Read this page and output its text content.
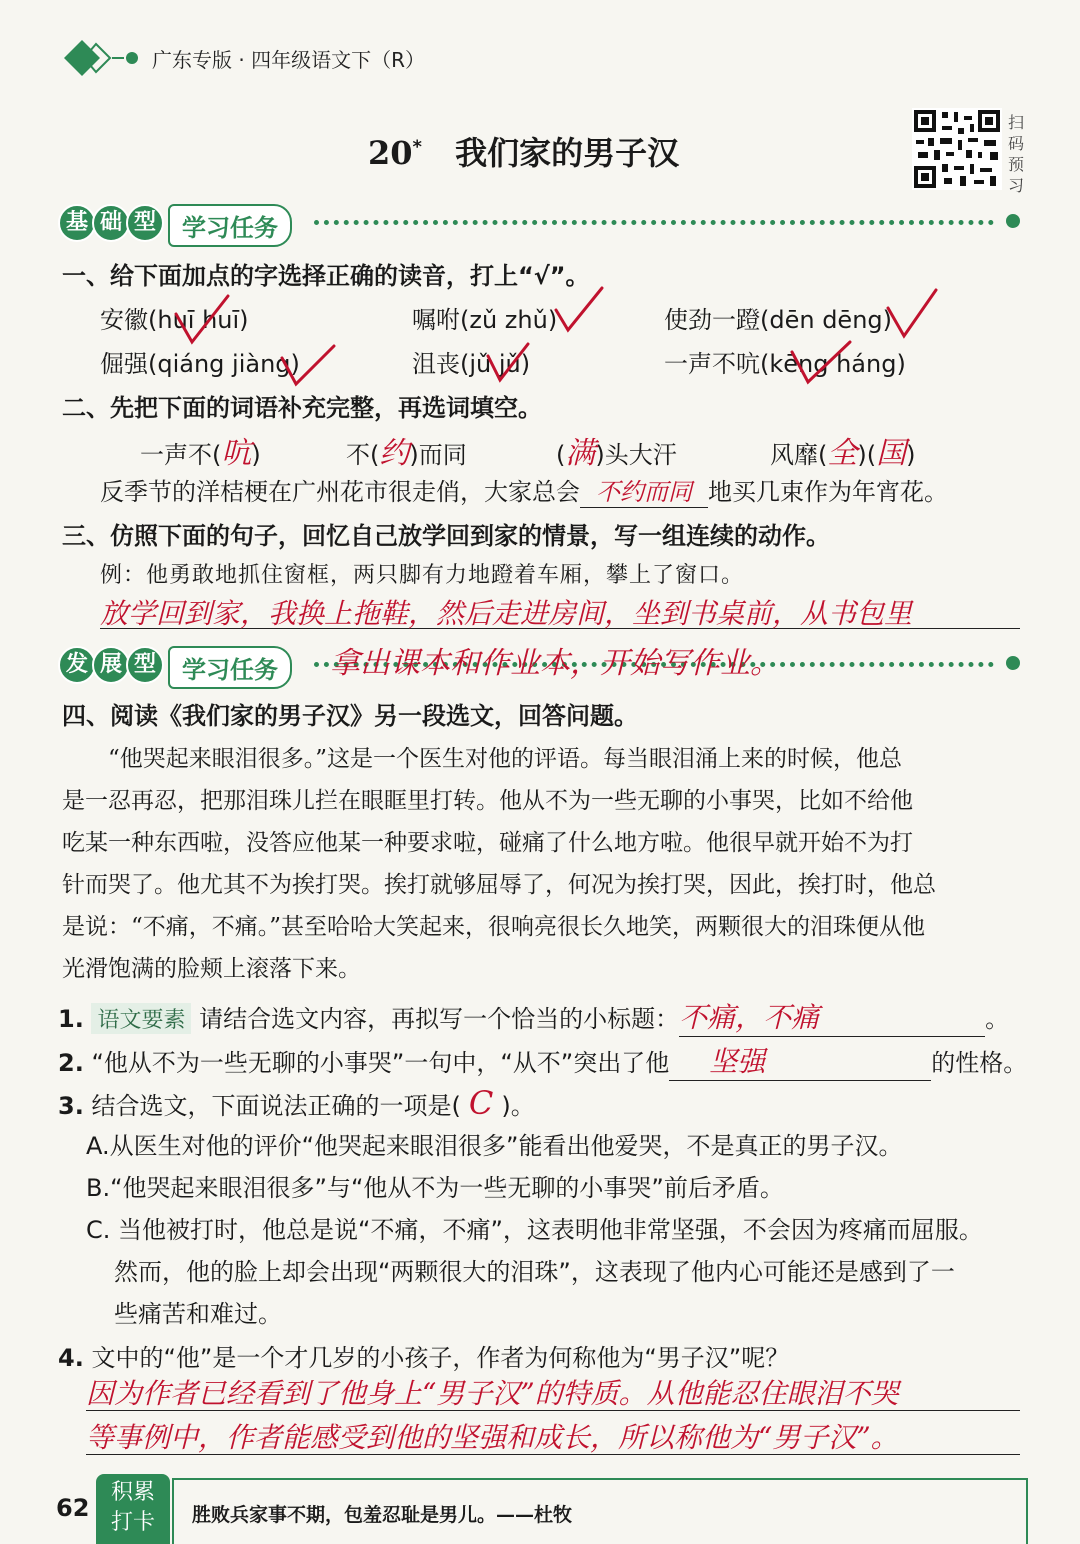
广东专版 · 四年级语文下（R）
20* 我们家的男子汉
扫
码
预
习
基 础 型	学习任务
一、给下面加点的字选择正确的读音，打上“√”。
安徽(huī huī)	嘱咐(zǔ zhǔ)	使劲一蹬(dēn dēng)
倔强(qiáng jiàng)	沮丧(jǔ jǔ)	一声不吭(kēng háng)
二、先把下面的词语补充完整，再选词填空。
一声不(吭)	不(约)而同	(满)头大汗	风靡(全)(国)
反季节的洋桔梗在广州花市很走俏，大家总会 不约而同 地买几束作为年宵花。
三、仿照下面的句子，回忆自己放学回到家的情景，写一组连续的动作。
例：他勇敢地抓住窗框，两只脚有力地蹬着车厢，攀上了窗口。
放学回到家，我换上拖鞋，然后走进房间，坐到书桌前，从书包里
发 展 型	学习任务	拿出课本和作业本，开始写作业。
四、阅读《我们家的男子汉》另一段选文，回答问题。
“他哭起来眼泪很多。”这是一个医生对他的评语。每当眼泪涌上来的时候，他总
是一忍再忍，把那泪珠儿拦在眼眶里打转。他从不为一些无聊的小事哭，比如不给他
吃某一种东西啦，没答应他某一种要求啦，碰痛了什么地方啦。他很早就开始不为打
针而哭了。他尤其不为挨打哭。挨打就够屈辱了，何况为挨打哭，因此，挨打时，他总
是说：“不痛，不痛。”甚至哈哈大笑起来，很响亮很长久地笑，两颗很大的泪珠便从他
光滑饱满的脸颊上滚落下来。
1. 语文要素 请结合选文内容，再拟写一个恰当的小标题：不痛，不痛	。
2. “他从不为一些无聊的小事哭”一句中，“从不”突出了他 坚强	的性格。
3. 结合选文，下面说法正确的一项是( C )。
A.从医生对他的评价“他哭起来眼泪很多”能看出他爱哭，不是真正的男子汉。
B.“他哭起来眼泪很多”与“他从不为一些无聊的小事哭”前后矛盾。
C. 当他被打时，他总是说“不痛，不痛”，这表明他非常坚强，不会因为疼痛而屈服。
然而，他的脸上却会出现“两颗很大的泪珠”，这表现了他内心可能还是感到了一
些痛苦和难过。
4. 文中的“他”是一个才几岁的小孩子，作者为何称他为“男子汉”呢？
因为作者已经看到了他身上“男子汉”的特质。从他能忍住眼泪不哭
等事例中，作者能感受到他的坚强和成长，所以称他为“男子汉”。
62
积累
打卡	胜败兵家事不期，包羞忍耻是男儿。——杜牧
